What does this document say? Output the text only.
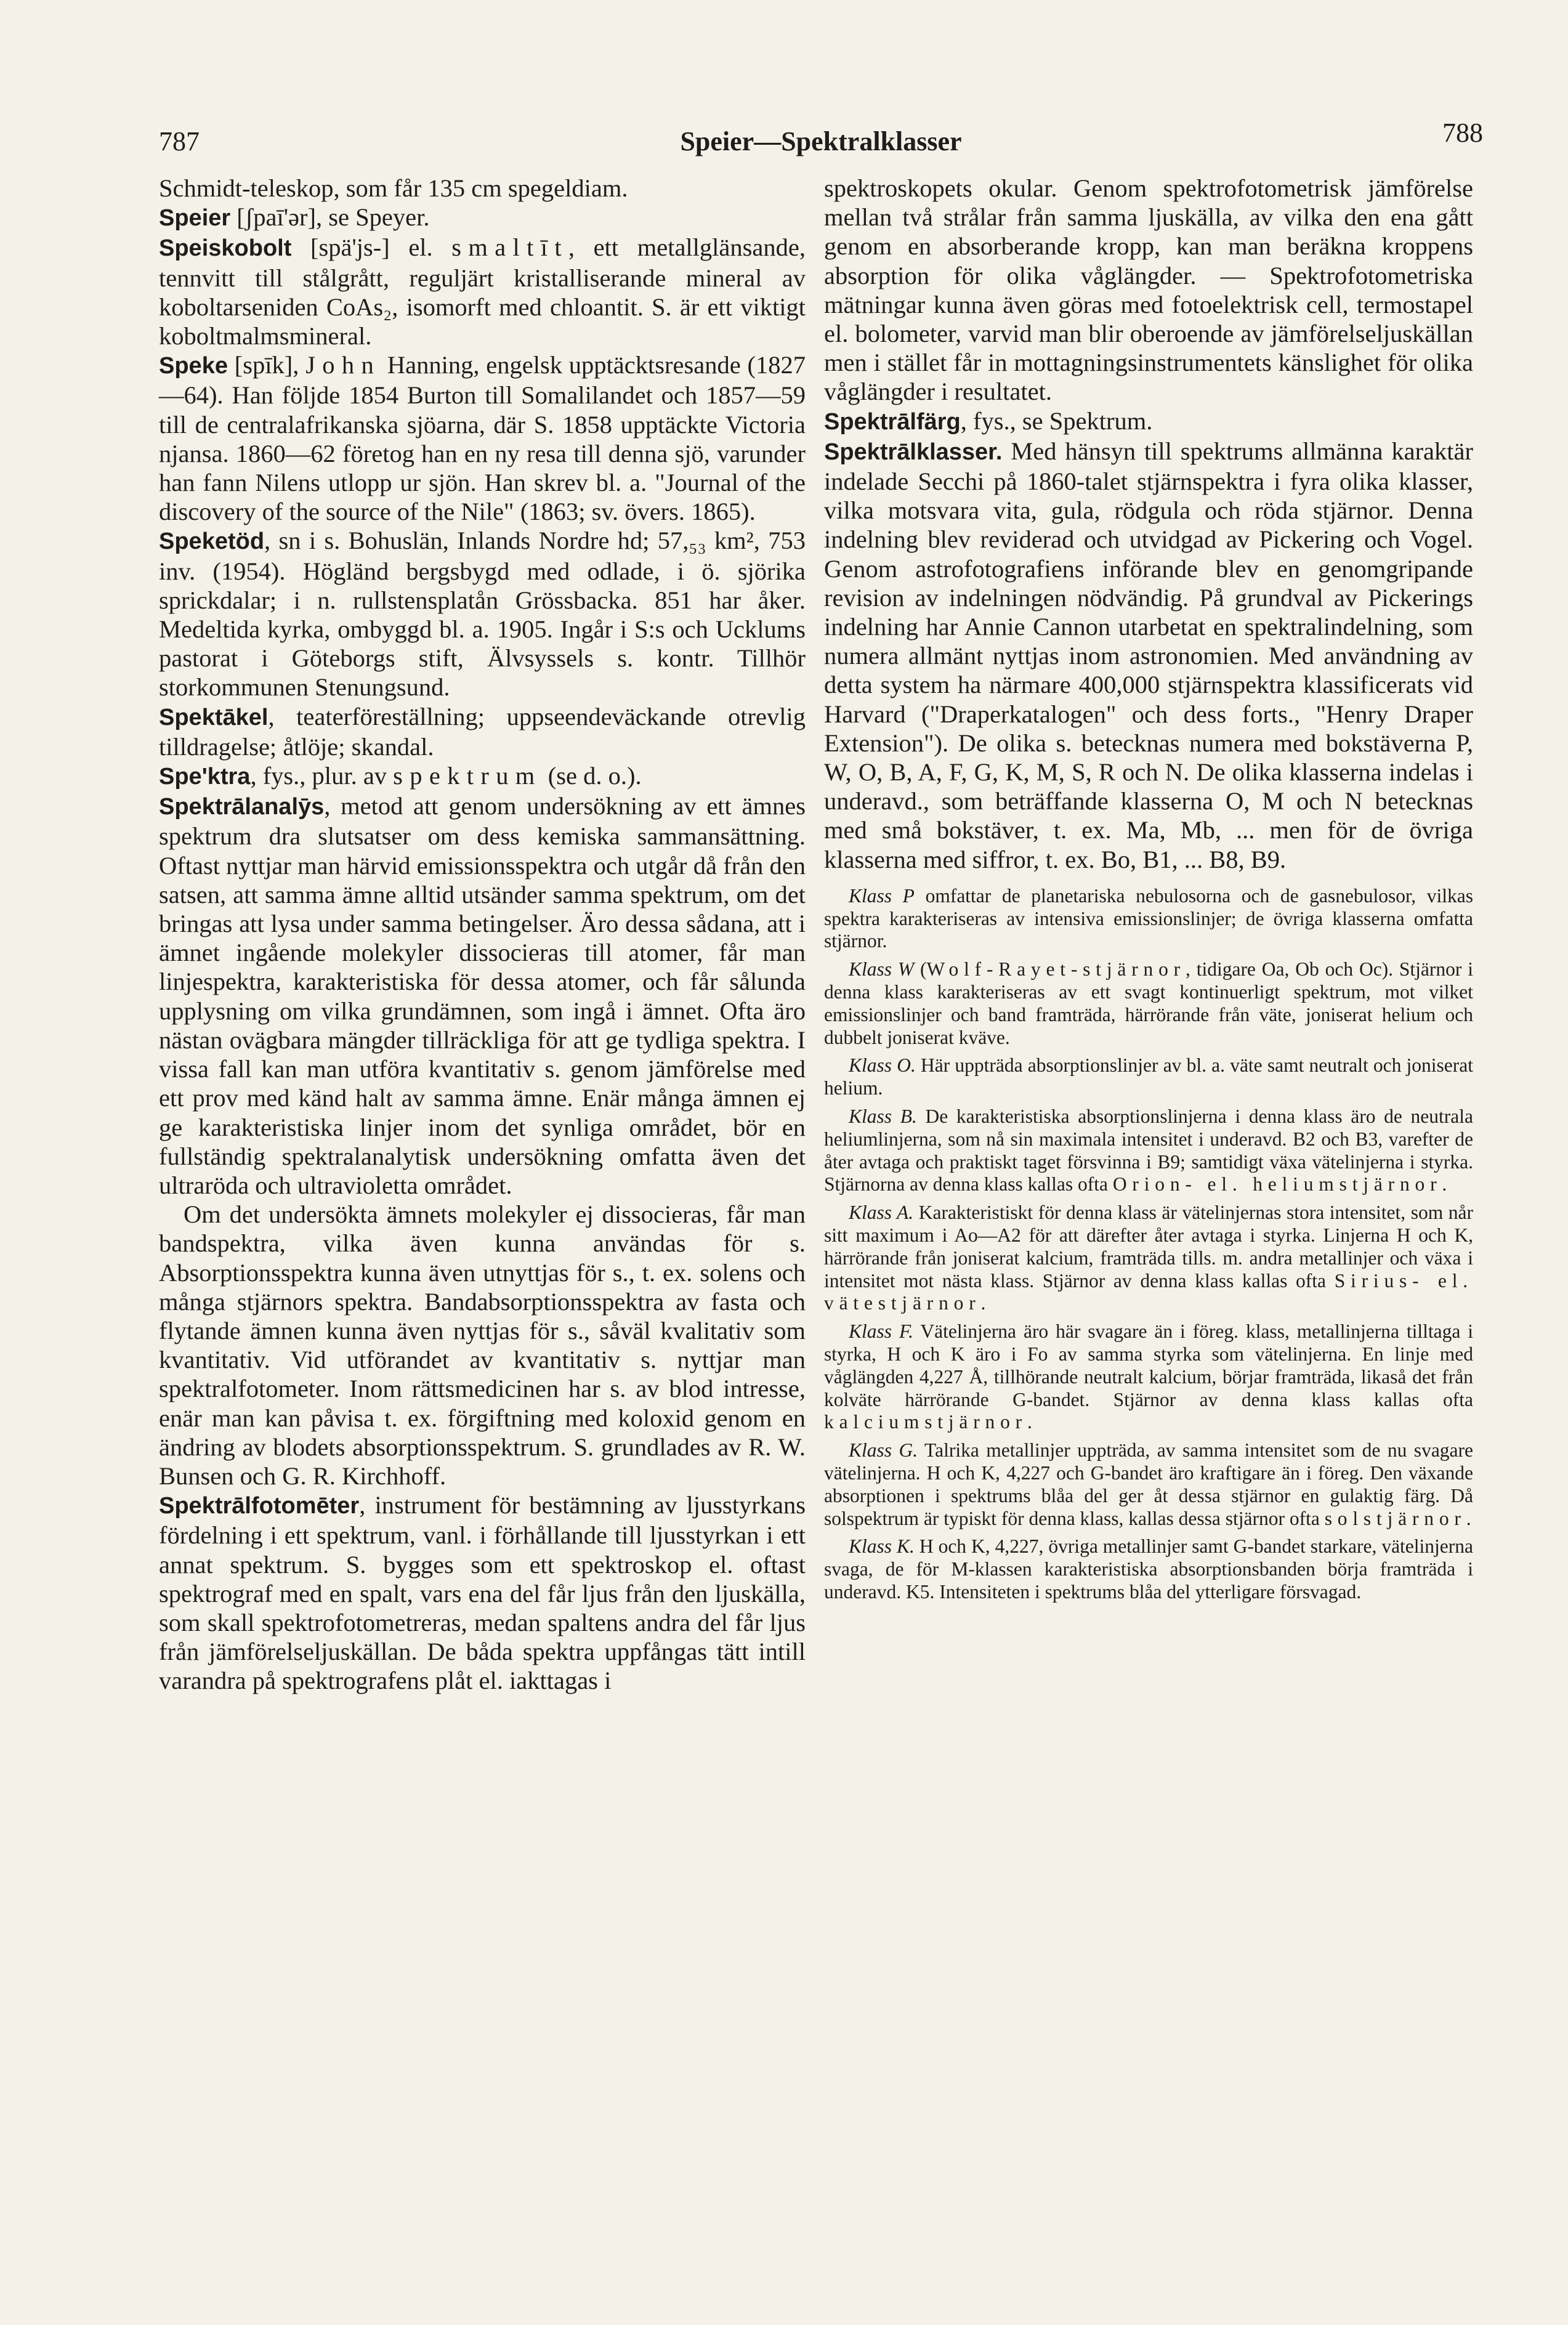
787	Speier—Spektralklasser	788

Schmidt-teleskop, som får 135 cm spegeldiam.

Speier [ʃpaī'ər], se Speyer.

Speiskobolt [spä'js-] el. smaltīt, ett metallglänsande, tennvitt till stålgrått, reguljärt kristalliserande mineral av koboltarseniden CoAs₂, isomorft med chloantit. S. är ett viktigt koboltmalmsmineral.

Speke [spīk], John Hanning, engelsk upptäcktsresande (1827—64). Han följde 1854 Burton till Somalilandet och 1857—59 till de centralafrikanska sjöarna, där S. 1858 upptäckte Victoria njansa. 1860—62 företog han en ny resa till denna sjö, varunder han fann Nilens utlopp ur sjön. Han skrev bl. a. "Journal of the discovery of the source of the Nile" (1863; sv. övers. 1865).

Speketöd, sn i s. Bohuslän, Inlands Nordre hd; 57,₅₃ km², 753 inv. (1954). Högländ bergsbygd med odlade, i ö. sjörika sprickdalar; i n. rullstensplatån Grössbacka. 851 har åker. Medeltida kyrka, ombyggd bl. a. 1905. Ingår i S:s och Ucklums pastorat i Göteborgs stift, Älvsyssels s. kontr. Tillhör storkommunen Stenungsund.

Spektākel, teaterföreställning; uppseendeväckande otrevlig tilldragelse; åtlöje; skandal.

Spe'ktra, fys., plur. av spektrum (se d. o.).

Spektrālanalȳs, metod att genom undersökning av ett ämnes spektrum dra slutsatser om dess kemiska sammansättning. Oftast nyttjar man härvid emissionsspektra och utgår då från den satsen, att samma ämne alltid utsänder samma spektrum, om det bringas att lysa under samma betingelser. Äro dessa sådana, att i ämnet ingående molekyler dissocieras till atomer, får man linjespektra, karakteristiska för dessa atomer, och får sålunda upplysning om vilka grundämnen, som ingå i ämnet. Ofta äro nästan ovägbara mängder tillräckliga för att ge tydliga spektra. I vissa fall kan man utföra kvantitativ s. genom jämförelse med ett prov med känd halt av samma ämne. Enär många ämnen ej ge karakteristiska linjer inom det synliga området, bör en fullständig spektralanalytisk undersökning omfatta även det ultraröda och ultravioletta området.

Om det undersökta ämnets molekyler ej dissocieras, får man bandspektra, vilka även kunna användas för s. Absorptionsspektra kunna även utnyttjas för s., t. ex. solens och många stjärnors spektra. Bandabsorptionsspektra av fasta och flytande ämnen kunna även nyttjas för s., såväl kvalitativ som kvantitativ. Vid utförandet av kvantitativ s. nyttjar man spektralfotometer. Inom rättsmedicinen har s. av blod intresse, enär man kan påvisa t. ex. förgiftning med koloxid genom en ändring av blodets absorptionsspektrum. S. grundlades av R. W. Bunsen och G. R. Kirchhoff.

Spektrālfotomēter, instrument för bestämning av ljusstyrkans fördelning i ett spektrum, vanl. i förhållande till ljusstyrkan i ett annat spektrum. S. bygges som ett spektroskop el. oftast spektrograf med en spalt, vars ena del får ljus från den ljuskälla, som skall spektrofotometreras, medan spaltens andra del får ljus från jämförelseljuskällan. De båda spektra uppfångas tätt intill varandra på spektrografens plåt el. iakttagas i

spektroskopets okular. Genom spektrofotometrisk jämförelse mellan två strålar från samma ljuskälla, av vilka den ena gått genom en absorberande kropp, kan man beräkna kroppens absorption för olika våglängder. — Spektrofotometriska mätningar kunna även göras med fotoelektrisk cell, termostapel el. bolometer, varvid man blir oberoende av jämförelseljuskällan men i stället får in mottagningsinstrumentets känslighet för olika våglängder i resultatet.

Spektrālfärg, fys., se Spektrum.

Spektrālklasser. Med hänsyn till spektrums allmänna karaktär indelade Secchi på 1860-talet stjärnspektra i fyra olika klasser, vilka motsvara vita, gula, rödgula och röda stjärnor. Denna indelning blev reviderad och utvidgad av Pickering och Vogel. Genom astrofotografiens införande blev en genomgripande revision av indelningen nödvändig. På grundval av Pickerings indelning har Annie Cannon utarbetat en spektralindelning, som numera allmänt nyttjas inom astronomien. Med användning av detta system ha närmare 400,000 stjärnspektra klassificerats vid Harvard ("Draperkatalogen" och dess forts., "Henry Draper Extension"). De olika s. betecknas numera med bokstäverna P, W, O, B, A, F, G, K, M, S, R och N. De olika klasserna indelas i underavd., som beträffande klasserna O, M och N betecknas med små bokstäver, t. ex. Ma, Mb, ... men för de övriga klasserna med siffror, t. ex. Bo, B1, ... B8, B9.

Klass P omfattar de planetariska nebulosorna och de gasnebulosor, vilkas spektra karakteriseras av intensiva emissionslinjer; de övriga klasserna omfatta stjärnor.

Klass W (Wolf-Rayet-stjärnor, tidigare Oa, Ob och Oc). Stjärnor i denna klass karakteriseras av ett svagt kontinuerligt spektrum, mot vilket emissionslinjer och band framträda, härrörande från väte, joniserat helium och dubbelt joniserat kväve.

Klass O. Här uppträda absorptionslinjer av bl. a. väte samt neutralt och joniserat helium.

Klass B. De karakteristiska absorptionslinjerna i denna klass äro de neutrala heliumlinjerna, som nå sin maximala intensitet i underavd. B2 och B3, varefter de åter avtaga och praktiskt taget försvinna i B9; samtidigt växa vätelinjerna i styrka. Stjärnorna av denna klass kallas ofta Orion- el. heliumstjärnor.

Klass A. Karakteristiskt för denna klass är vätelinjernas stora intensitet, som når sitt maximum i Ao—A2 för att därefter åter avtaga i styrka. Linjerna H och K, härrörande från joniserat kalcium, framträda tills. m. andra metallinjer och växa i intensitet mot nästa klass. Stjärnor av denna klass kallas ofta Sirius- el. vätestjärnor.

Klass F. Vätelinjerna äro här svagare än i föreg. klass, metallinjerna tilltaga i styrka, H och K äro i Fo av samma styrka som vätelinjerna. En linje med våglängden 4,227 Å, tillhörande neutralt kalcium, börjar framträda, likaså det från kolväte härrörande G-bandet. Stjärnor av denna klass kallas ofta kalciumstjärnor.

Klass G. Talrika metallinjer uppträda, av samma intensitet som de nu svagare vätelinjerna. H och K, 4,227 och G-bandet äro kraftigare än i föreg. Den växande absorptionen i spektrums blåa del ger åt dessa stjärnor en gulaktig färg. Då solspektrum är typiskt för denna klass, kallas dessa stjärnor ofta solstjärnor.

Klass K. H och K, 4,227, övriga metallinjer samt G-bandet starkare, vätelinjerna svaga, de för M-klassen karakteristiska absorptionsbanden börja framträda i underavd. K5. Intensiteten i spektrums blåa del ytterligare försvagad.
